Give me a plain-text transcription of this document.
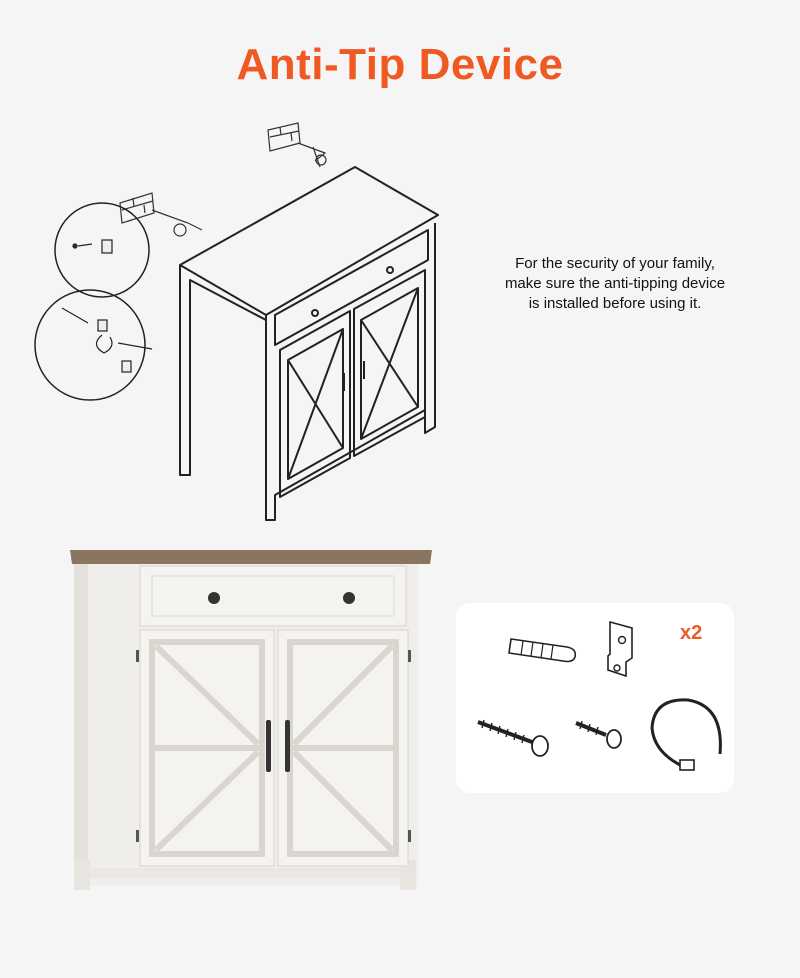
Anti-Tip Device
For the security of your family,
make sure the anti-tipping device
is installed before using it.
x2
